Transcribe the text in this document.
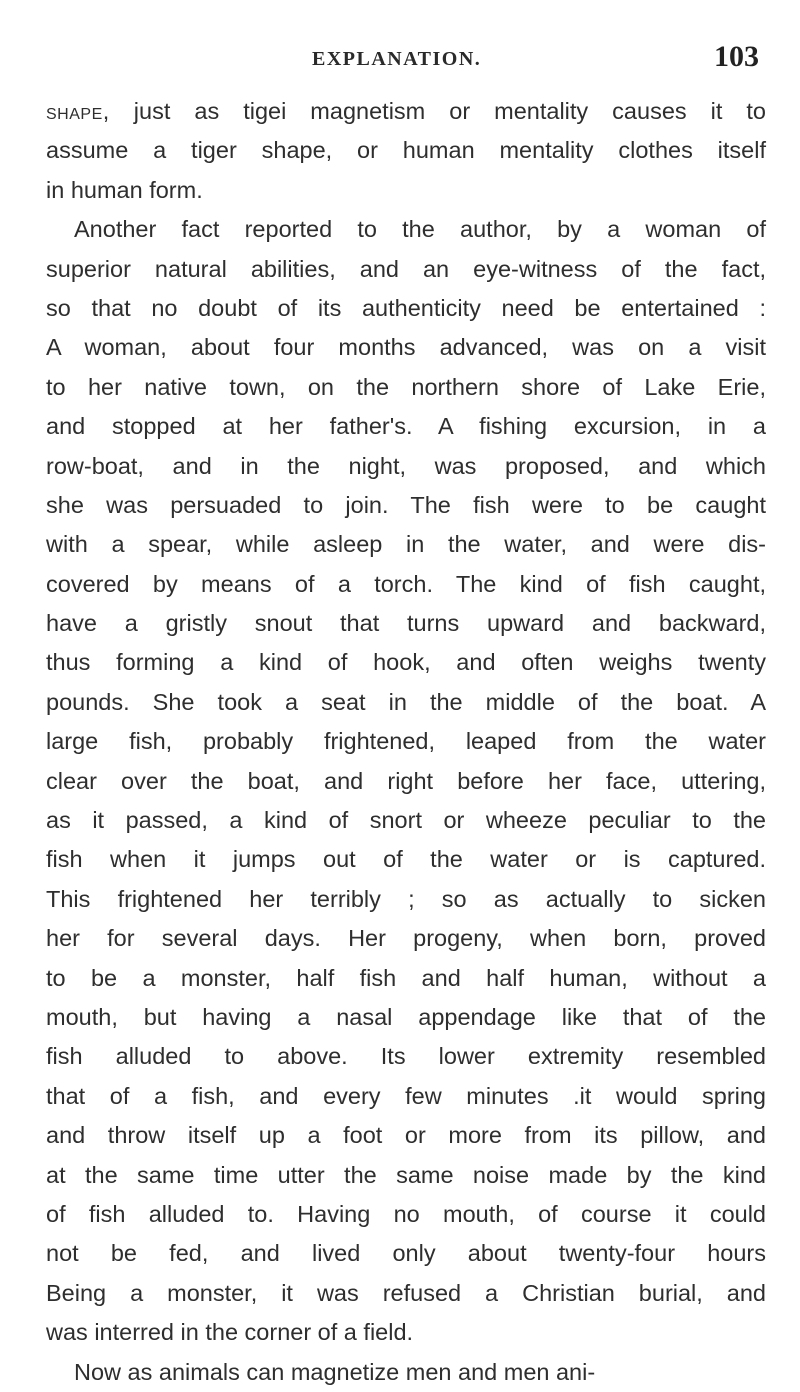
EXPLANATION.	103
shape, just as tigei magnetism or mentality causes it to
assume a tiger shape, or human mentality clothes itself
in human form.
Another fact reported to the author, by a woman of
superior natural abilities, and an eye-witness of the fact,
so that no doubt of its authenticity need be entertained :
A woman, about four months advanced, was on a visit
to her native town, on the northern shore of Lake Erie,
and stopped at her father's. A fishing excursion, in a
row-boat, and in the night, was proposed, and which
she was persuaded to join. The fish were to be caught
with a spear, while asleep in the water, and were dis-
covered by means of a torch. The kind of fish caught,
have a gristly snout that turns upward and backward,
thus forming a kind of hook, and often weighs twenty
pounds. She took a seat in the middle of the boat. A
large fish, probably frightened, leaped from the water
clear over the boat, and right before her face, uttering,
as it passed, a kind of snort or wheeze peculiar to the
fish when it jumps out of the water or is captured.
This frightened her terribly ; so as actually to sicken
her for several days. Her progeny, when born, proved
to be a monster, half fish and half human, without a
mouth, but having a nasal appendage like that of the
fish alluded to above. Its lower extremity resembled
that of a fish, and every few minutes .it would spring
and throw itself up a foot or more from its pillow, and
at the same time utter the same noise made by the kind
of fish alluded to. Having no mouth, of course it could
not be fed, and lived only about twenty-four hours
Being a monster, it was refused a Christian burial, and
was interred in the corner of a field.
Now as animals can magnetize men and men ani-
